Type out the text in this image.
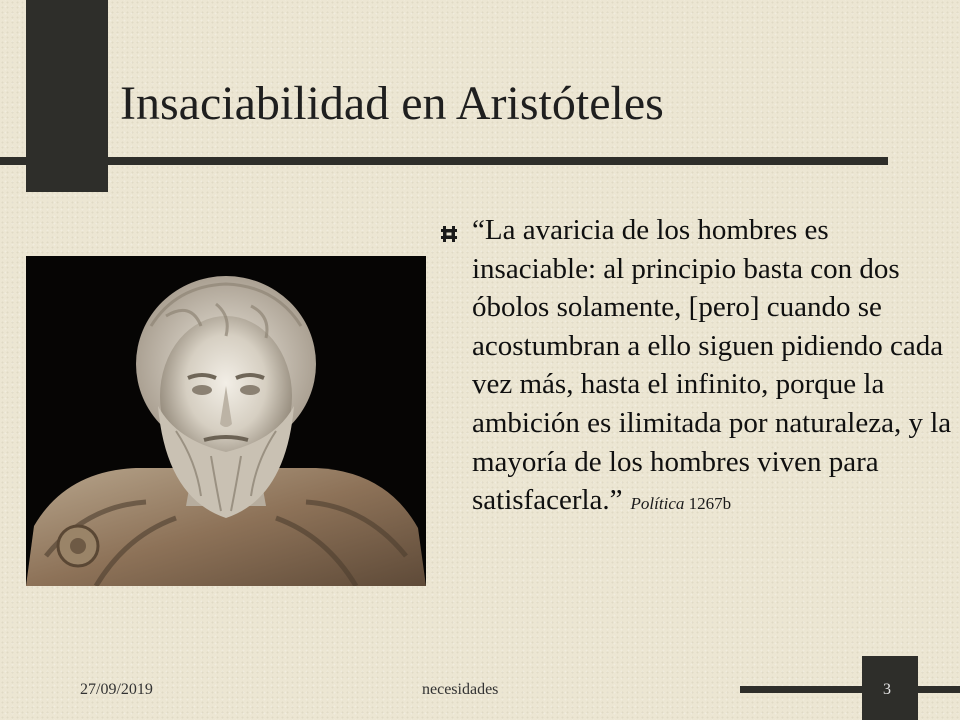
Insaciabilidad en Aristóteles

“La avaricia de los hombres es insaciable: al principio basta con dos óbolos solamente, [pero] cuando se acostumbran a ello siguen pidiendo cada vez más, hasta el infinito, porque la ambición es ilimitada por naturaleza, y la mayoría de los hombres viven para satisfacerla.” Política 1267b

27/09/2019	necesidades	3
